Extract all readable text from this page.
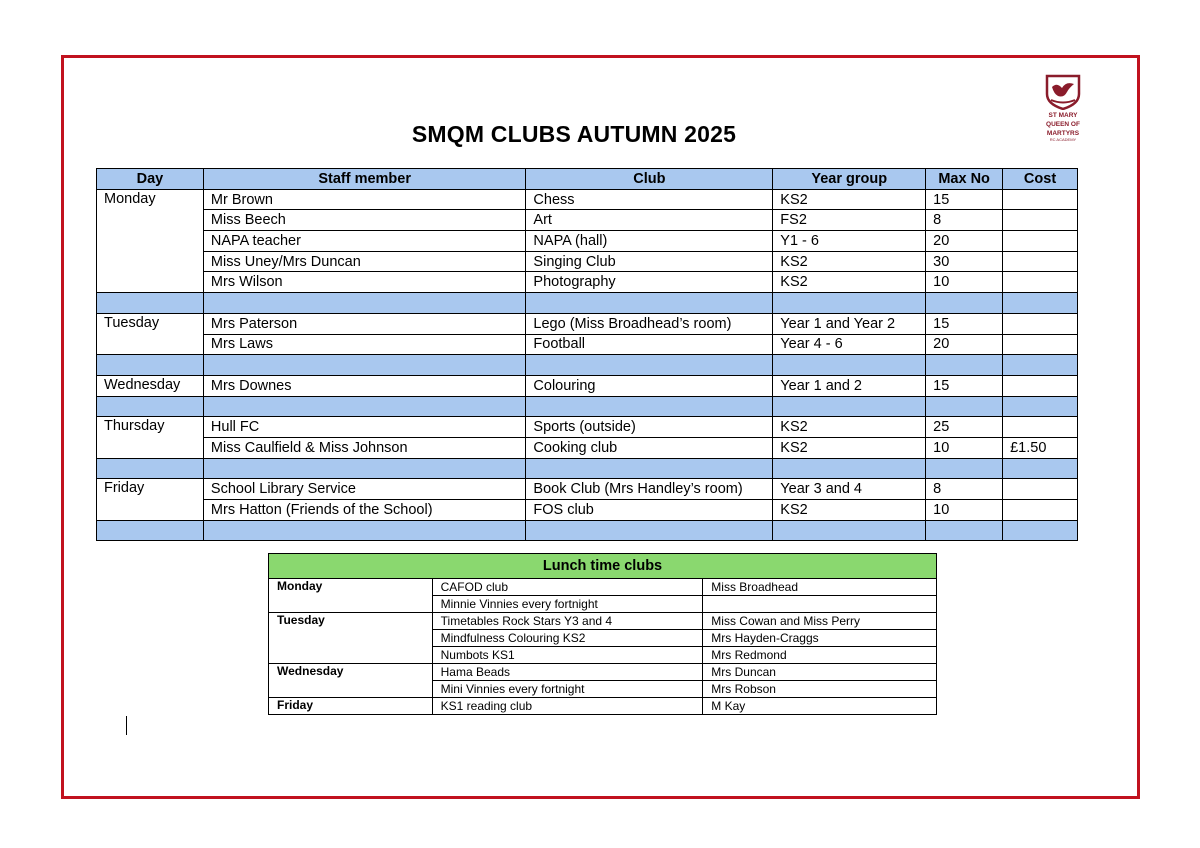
ST MARY
QUEEN OF
MARTYRS
RC ACADEMY
SMQM CLUBS AUTUMN 2025
Day	Staff member	Club	Year group	Max No	Cost
Monday	Mr Brown	Chess	KS2	15	
	Miss Beech	Art	FS2	8	
	NAPA teacher	NAPA (hall)	Y1 - 6	20	
	Miss Uney/Mrs Duncan	Singing Club	KS2	30	
	Mrs Wilson	Photography	KS2	10	

Tuesday	Mrs Paterson	Lego (Miss Broadhead’s room)	Year 1 and Year 2	15	
	Mrs Laws	Football	Year 4 - 6	20	

Wednesday	Mrs Downes	Colouring	Year 1 and 2	15	

Thursday	Hull FC	Sports (outside)	KS2	25	
	Miss Caulfield & Miss Johnson	Cooking club	KS2	10	£1.50

Friday	School Library Service	Book Club (Mrs Handley’s room)	Year 3 and 4	8	
	Mrs Hatton (Friends of the School)	FOS club	KS2	10	

Lunch time clubs		
Monday	CAFOD club	Miss Broadhead
	Minnie Vinnies every fortnight	
Tuesday	Timetables Rock Stars Y3 and 4	Miss Cowan and Miss Perry
	Mindfulness Colouring KS2	Mrs Hayden-Craggs
	Numbots KS1	Mrs Redmond
Wednesday	Hama Beads	Mrs Duncan
	Mini Vinnies every fortnight	Mrs Robson
Friday	KS1 reading club	M Kay
